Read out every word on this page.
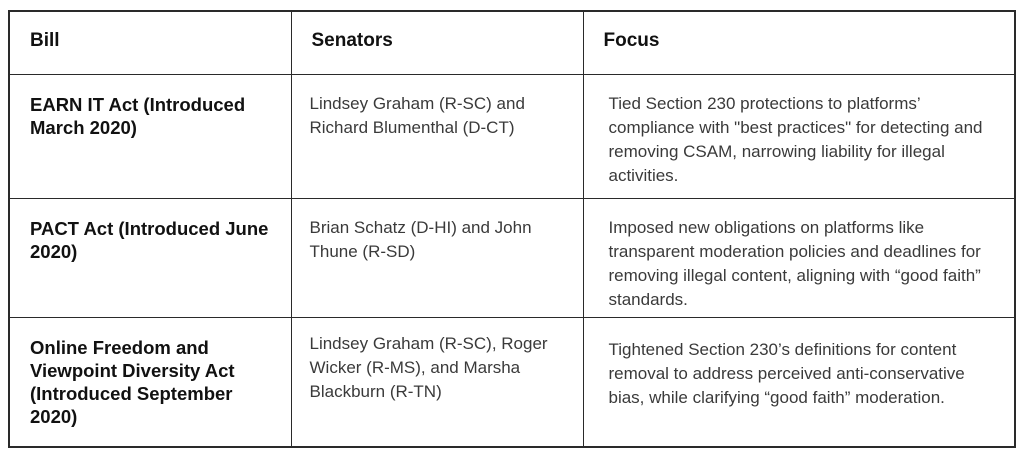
Bill	Senators	Focus
EARN IT Act (Introduced March 2020)	Lindsey Graham (R-SC) and Richard Blumenthal (D-CT)	Tied Section 230 protections to platforms’ compliance with "best practices" for detecting and removing CSAM, narrowing liability for illegal activities.
PACT Act (Introduced June 2020)	Brian Schatz (D-HI) and John Thune (R-SD)	Imposed new obligations on platforms like transparent moderation policies and deadlines for removing illegal content, aligning with “good faith” standards.
Online Freedom and Viewpoint Diversity Act (Introduced September 2020)	Lindsey Graham (R-SC), Roger Wicker (R-MS), and Marsha Blackburn (R-TN)	Tightened Section 230’s definitions for content removal to address perceived anti-conservative bias, while clarifying “good faith” moderation.
